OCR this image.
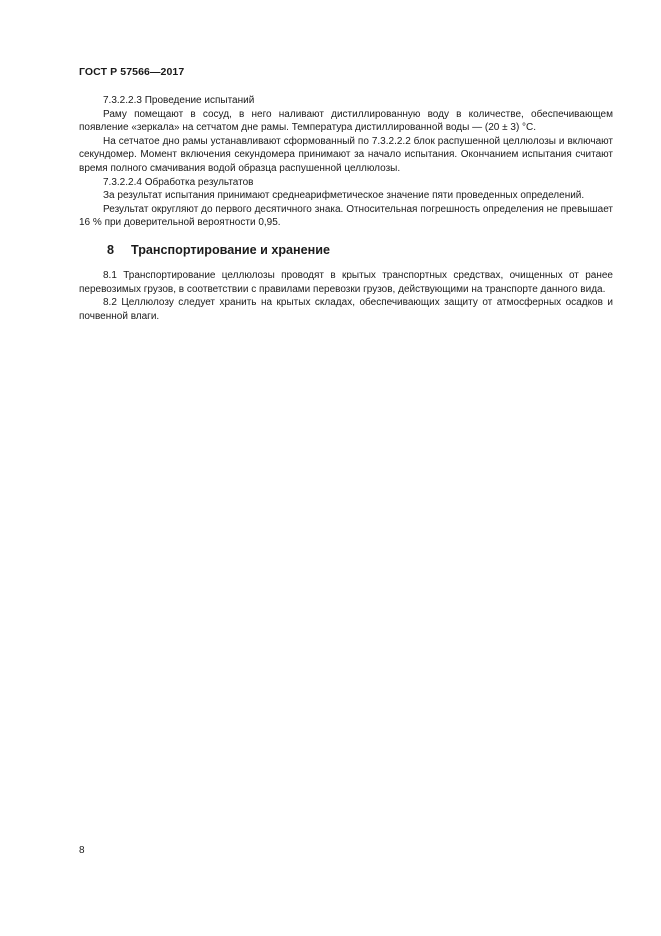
ГОСТ Р 57566—2017

7.3.2.2.3 Проведение испытаний

Раму помещают в сосуд, в него наливают дистиллированную воду в количестве, обеспечивающем появление «зеркала» на сетчатом дне рамы. Температура дистиллированной воды — (20 ± 3) °C.

На сетчатое дно рамы устанавливают сформованный по 7.3.2.2.2 блок распушенной целлюлозы и включают секундомер. Момент включения секундомера принимают за начало испытания. Окончанием испытания считают время полного смачивания водой образца распушенной целлюлозы.

7.3.2.2.4 Обработка результатов

За результат испытания принимают среднеарифметическое значение пяти проведенных определений.

Результат округляют до первого десятичного знака. Относительная погрешность определения не превышает 16 % при доверительной вероятности 0,95.

8 Транспортирование и хранение

8.1 Транспортирование целлюлозы проводят в крытых транспортных средствах, очищенных от ранее перевозимых грузов, в соответствии с правилами перевозки грузов, действующими на транспорте данного вида.

8.2 Целлюлозу следует хранить на крытых складах, обеспечивающих защиту от атмосферных осадков и почвенной влаги.

8
